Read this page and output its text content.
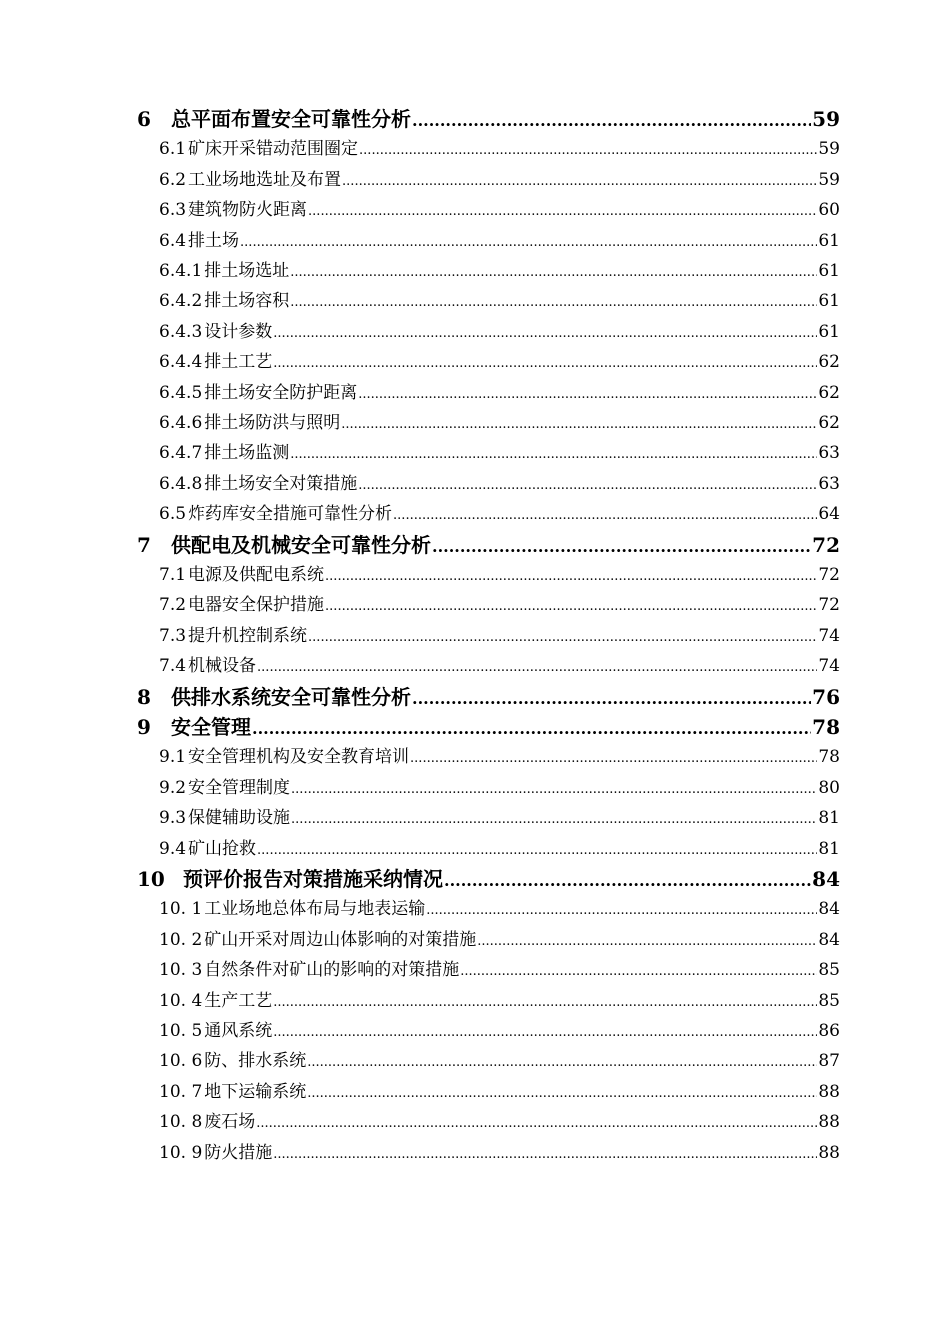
6	总平面布置安全可靠性分析 .....	59
6.1 矿床开采错动范围圈定 .....	59
6.2 工业场地选址及布置 .....	59
6.3 建筑物防火距离 .....	60
6.4 排土场 .....	61
6.4.1 排土场选址 .....	61
6.4.2 排土场容积 .....	61
6.4.3 设计参数 .....	61
6.4.4 排土工艺 .....	62
6.4.5 排土场安全防护距离 .....	62
6.4.6 排土场防洪与照明 .....	62
6.4.7 排土场监测 .....	63
6.4.8 排土场安全对策措施 .....	63
6.5 炸药库安全措施可靠性分析 .....	64
7	供配电及机械安全可靠性分析 .....	72
7.1 电源及供配电系统 .....	72
7.2 电器安全保护措施 .....	72
7.3 提升机控制系统 .....	74
7.4 机械设备 .....	74
8	供排水系统安全可靠性分析 .....	76
9	安全管理 .....	78
9.1 安全管理机构及安全教育培训 .....	78
9.2 安全管理制度 .....	80
9.3 保健辅助设施 .....	81
9.4 矿山抢救 .....	81
10 预评价报告对策措施采纳情况 .....	84
10. 1 工业场地总体布局与地表运输 .....	84
10. 2 矿山开采对周边山体影响的对策措施 .....	84
10. 3 自然条件对矿山的影响的对策措施 .....	85
10. 4 生产工艺 .....	85
10. 5 通风系统 .....	86
10. 6 防、排水系统 .....	87
10. 7 地下运输系统 .....	88
10. 8 废石场 .....	88
10. 9 防火措施 .....	88
